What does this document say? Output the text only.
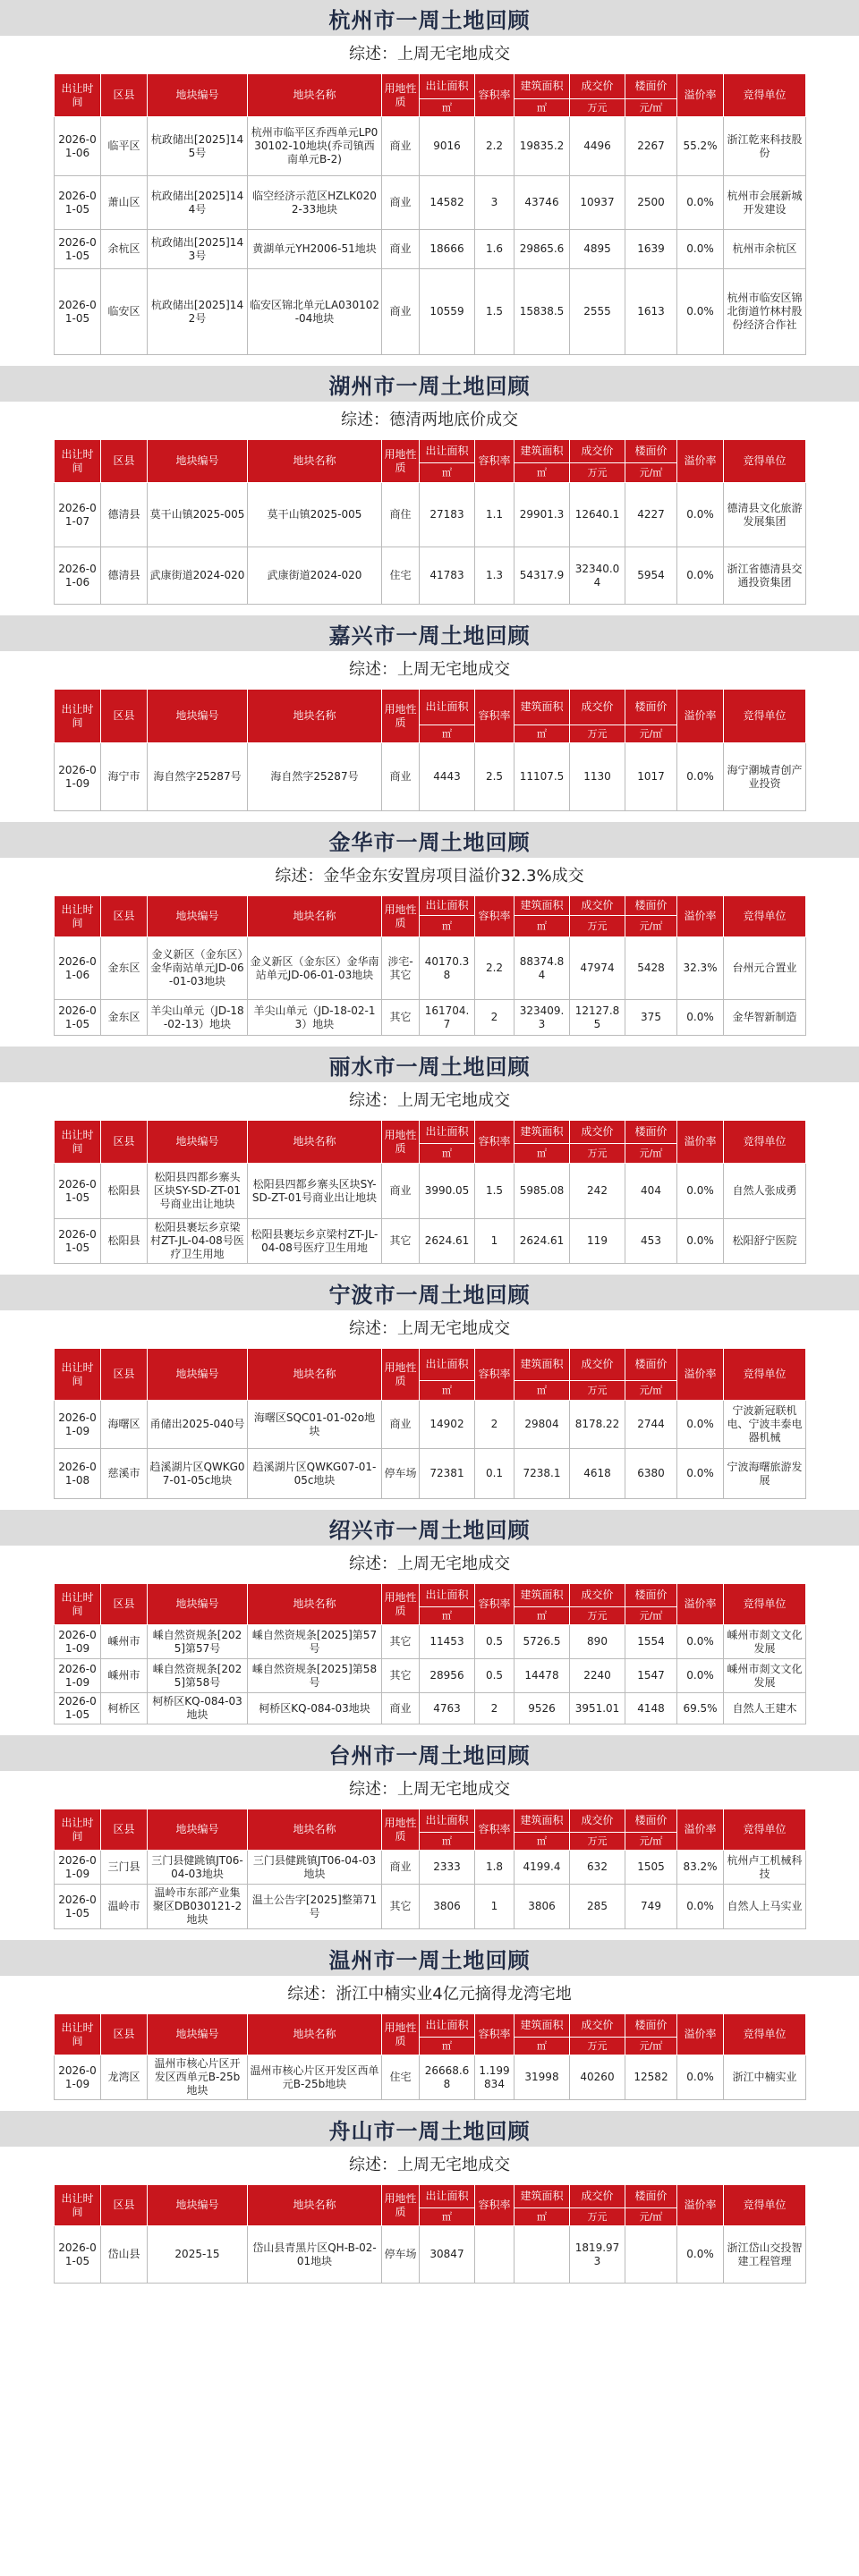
杭州市一周土地回顾
综述：上周无宅地成交
出让时间	区县	地块编号	地块名称	用地性质	出让面积	容积率	建筑面积	成交价	楼面价	溢价率	竞得单位
					㎡		㎡	万元	元/㎡		
2026-01-06	临平区	杭政储出[2025]145号	杭州市临平区乔西单元LP030102-10地块(乔司镇西南单元B-2)	商业	9016	2.2	19835.2	4496	2267	55.2%	浙江乾来科技股份
2026-01-05	萧山区	杭政储出[2025]144号	临空经济示范区HZLK0202-33地块	商业	14582	3	43746	10937	2500	0.0%	杭州市会展新城开发建设
2026-01-05	余杭区	杭政储出[2025]143号	黄湖单元YH2006-51地块	商业	18666	1.6	29865.6	4895	1639	0.0%	杭州市余杭区
2026-01-05	临安区	杭政储出[2025]142号	临安区锦北单元LA030102-04地块	商业	10559	1.5	15838.5	2555	1613	0.0%	杭州市临安区锦北街道竹林村股份经济合作社
湖州市一周土地回顾
综述：德清两地底价成交
出让时间	区县	地块编号	地块名称	用地性质	出让面积	容积率	建筑面积	成交价	楼面价	溢价率	竞得单位
					㎡		㎡	万元	元/㎡		
2026-01-07	德清县	莫干山镇2025-005	莫干山镇2025-005	商住	27183	1.1	29901.3	12640.1	4227	0.0%	德清县文化旅游发展集团
2026-01-06	德清县	武康街道2024-020	武康街道2024-020	住宅	41783	1.3	54317.9	32340.04	5954	0.0%	浙江省德清县交通投资集团
嘉兴市一周土地回顾
综述：上周无宅地成交
出让时间	区县	地块编号	地块名称	用地性质	出让面积	容积率	建筑面积	成交价	楼面价	溢价率	竞得单位
					㎡		㎡	万元	元/㎡		
2026-01-09	海宁市	海自然字25287号	海自然字25287号	商业	4443	2.5	11107.5	1130	1017	0.0%	海宁潮城青创产业投资
金华市一周土地回顾
综述：金华金东安置房项目溢价32.3%成交
出让时间	区县	地块编号	地块名称	用地性质	出让面积	容积率	建筑面积	成交价	楼面价	溢价率	竞得单位
					㎡		㎡	万元	元/㎡		
2026-01-06	金东区	金义新区（金东区）金华南站单元JD-06-01-03地块	金义新区（金东区）金华南站单元JD-06-01-03地块	涉宅-其它	40170.38	2.2	88374.84	47974	5428	32.3%	台州元合置业
2026-01-05	金东区	羊尖山单元（JD-18-02-13）地块	羊尖山单元（JD-18-02-13）地块	其它	161704.7	2	323409.3	12127.85	375	0.0%	金华智新制造
丽水市一周土地回顾
综述：上周无宅地成交
出让时间	区县	地块编号	地块名称	用地性质	出让面积	容积率	建筑面积	成交价	楼面价	溢价率	竞得单位
					㎡		㎡	万元	元/㎡		
2026-01-05	松阳县	松阳县四都乡寨头区块SY-SD-ZT-01号商业出让地块	松阳县四都乡寨头区块SY-SD-ZT-01号商业出让地块	商业	3990.05	1.5	5985.08	242	404	0.0%	自然人张成勇
2026-01-05	松阳县	松阳县裹坛乡京梁村ZT-JL-04-08号医疗卫生用地	松阳县裹坛乡京梁村ZT-JL-04-08号医疗卫生用地	其它	2624.61	1	2624.61	119	453	0.0%	松阳舒宁医院
宁波市一周土地回顾
综述：上周无宅地成交
出让时间	区县	地块编号	地块名称	用地性质	出让面积	容积率	建筑面积	成交价	楼面价	溢价率	竞得单位
					㎡		㎡	万元	元/㎡		
2026-01-09	海曙区	甬储出2025-040号	海曙区SQC01-01-02o地块	商业	14902	2	29804	8178.22	2744	0.0%	宁波新冠联机电、宁波丰泰电器机械
2026-01-08	慈溪市	趋溪湖片区QWKG07-01-05c地块	趋溪湖片区QWKG07-01-05c地块	停车场	72381	0.1	7238.1	4618	6380	0.0%	宁波海曙旅游发展
绍兴市一周土地回顾
综述：上周无宅地成交
出让时间	区县	地块编号	地块名称	用地性质	出让面积	容积率	建筑面积	成交价	楼面价	溢价率	竞得单位
					㎡		㎡	万元	元/㎡		
2026-01-09	嵊州市	嵊自然资规条[2025]第57号	嵊自然资规条[2025]第57号	其它	11453	0.5	5726.5	890	1554	0.0%	嵊州市剡文文化发展
2026-01-09	嵊州市	嵊自然资规条[2025]第58号	嵊自然资规条[2025]第58号	其它	28956	0.5	14478	2240	1547	0.0%	嵊州市剡文文化发展
2026-01-05	柯桥区	柯桥区KQ-084-03地块	柯桥区KQ-084-03地块	商业	4763	2	9526	3951.01	4148	69.5%	自然人王建木
台州市一周土地回顾
综述：上周无宅地成交
出让时间	区县	地块编号	地块名称	用地性质	出让面积	容积率	建筑面积	成交价	楼面价	溢价率	竞得单位
					㎡		㎡	万元	元/㎡		
2026-01-09	三门县	三门县健跳镇JT06-04-03地块	三门县健跳镇JT06-04-03地块	商业	2333	1.8	4199.4	632	1505	83.2%	杭州卢工机械科技
2026-01-05	温岭市	温岭市东部产业集聚区DB030121-2地块	温土公告字[2025]整第71号	其它	3806	1	3806	285	749	0.0%	自然人上马实业
温州市一周土地回顾
综述：浙江中楠实业4亿元摘得龙湾宅地
出让时间	区县	地块编号	地块名称	用地性质	出让面积	容积率	建筑面积	成交价	楼面价	溢价率	竞得单位
					㎡		㎡	万元	元/㎡		
2026-01-09	龙湾区	温州市核心片区开发区西单元B-25b地块	温州市核心片区开发区西单元B-25b地块	住宅	26668.68	1.199834	31998	40260	12582	0.0%	浙江中楠实业
舟山市一周土地回顾
综述：上周无宅地成交
出让时间	区县	地块编号	地块名称	用地性质	出让面积	容积率	建筑面积	成交价	楼面价	溢价率	竞得单位
					㎡		㎡	万元	元/㎡		
2026-01-05	岱山县	2025-15	岱山县青黑片区QH-B-02-01地块	停车场	30847			1819.973		0.0%	浙江岱山交投智建工程管理
